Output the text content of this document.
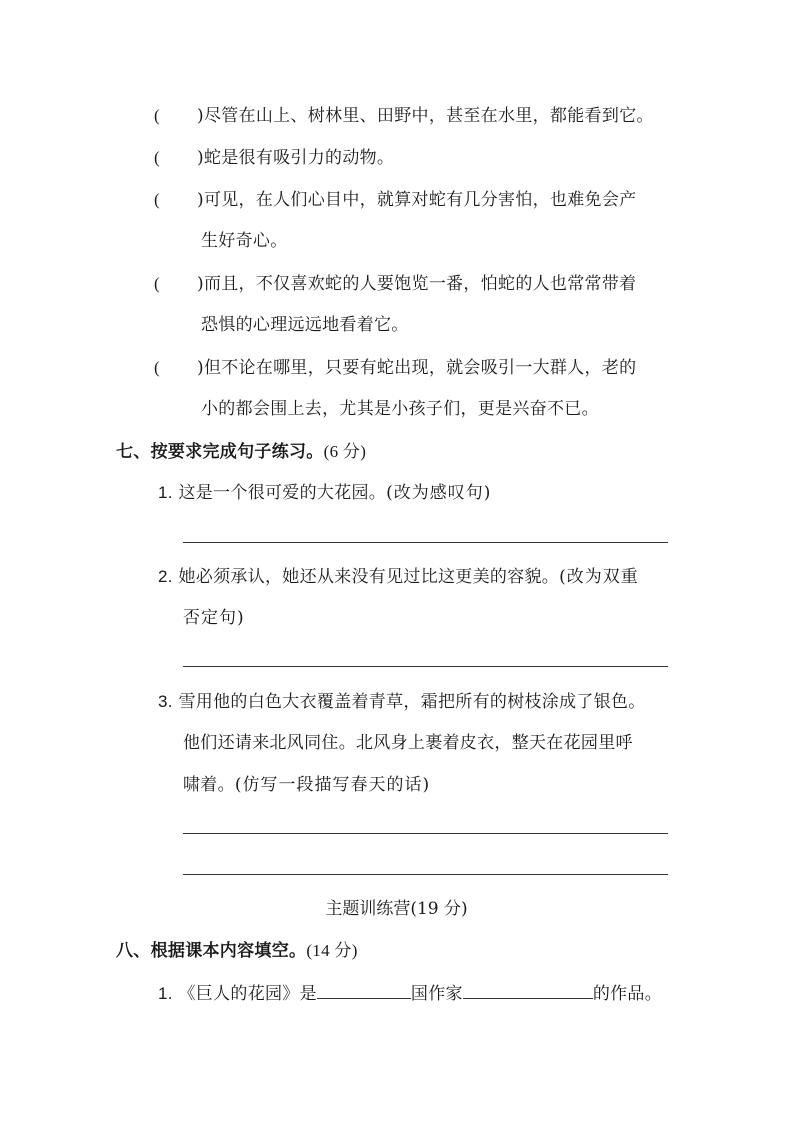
( )尽管在山上、树林里、田野中，甚至在水里，都能看到它。
( )蛇是很有吸引力的动物。
( )可见，在人们心目中，就算对蛇有几分害怕，也难免会产
生好奇心。
( )而且，不仅喜欢蛇的人要饱览一番，怕蛇的人也常常带着
恐惧的心理远远地看着它。
( )但不论在哪里，只要有蛇出现，就会吸引一大群人，老的
小的都会围上去，尤其是小孩子们，更是兴奋不已。
七、按要求完成句子练习。(6 分)
1. 这是一个很可爱的大花园。(改为感叹句)
2. 她必须承认，她还从来没有见过比这更美的容貌。(改为双重
否定句)
3. 雪用他的白色大衣覆盖着青草，霜把所有的树枝涂成了银色。
他们还请来北风同住。北风身上裹着皮衣，整天在花园里呼
啸着。(仿写一段描写春天的话)
主题训练营(19 分)
八、根据课本内容填空。(14 分)
1. 《巨人的花园》是	国作家	的作品。
